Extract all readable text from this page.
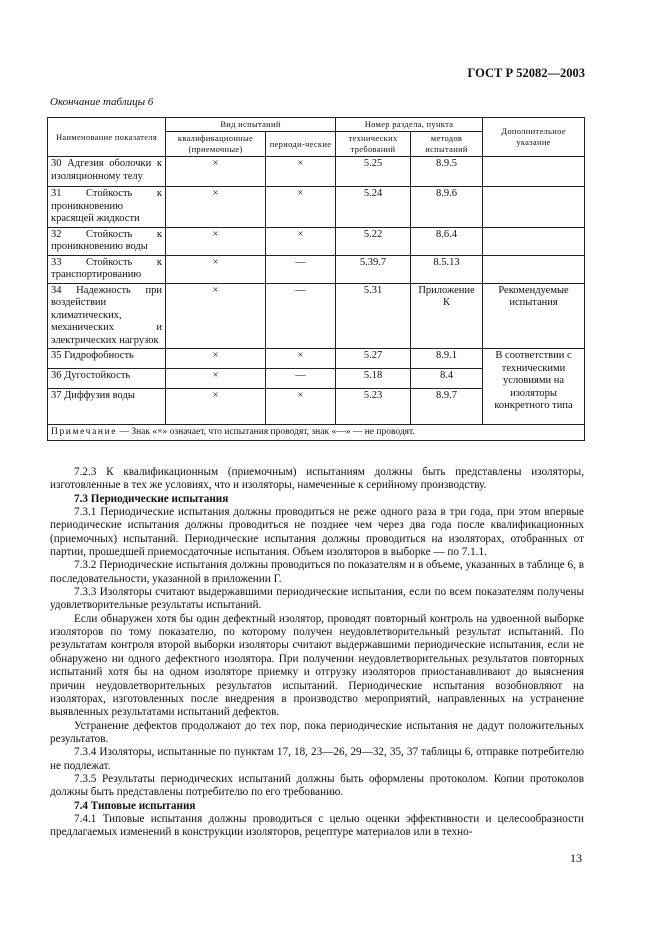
ГОСТ Р 52082—2003
Окончание таблицы 6
Наименование показателя	Вид испытаний		Номер раздела, пункта		Дополнительное указание
	квалификационные (приемочные)	периоди-ческие	технических требований	методов испытаний	
30 Адгезия оболочки к изоляционному телу	×	×	5.25	8.9.5	
31 Стойкость к проникновению красящей жидкости	×	×	5.24	8.9.6	
32 Стойкость к проникновению воды	×	×	5.22	8.6.4	
33 Стойкость к транспортированию	×	—	5.39.7	8.5.13	
34 Надежность при воздействии климатических, механических и электрических нагрузок	×	—	5.31	Приложение К	Рекомендуемые испытания
35 Гидрофобность	×	×	5.27	8.9.1	В соответствии с техническими условиями на изоляторы конкретного типа
36 Дугостойкость	×	—	5.18	8.4	
37 Диффузия воды	×	×	5.23	8.9.7	
Примечание — Знак «×» означает, что испытания проводят, знак «—» — не проводят.					

7.2.3 К квалификационным (приемочным) испытаниям должны быть представлены изоляторы, изготовленные в тех же условиях, что и изоляторы, намеченные к серийному производству.

7.3 Периодические испытания

7.3.1 Периодические испытания должны проводиться не реже одного раза в три года, при этом впервые периодические испытания должны проводиться не позднее чем через два года после квалификационных (приемочных) испытаний. Периодические испытания должны проводиться на изоляторах, отобранных от партии, прошедшей приемосдаточные испытания. Объем изоляторов в выборке — по 7.1.1.

7.3.2 Периодические испытания должны проводиться по показателям и в объеме, указанных в таблице 6, в последовательности, указанной в приложении Г.

7.3.3 Изоляторы считают выдержавшими периодические испытания, если по всем показателям получены удовлетворительные результаты испытаний.

Если обнаружен хотя бы один дефектный изолятор, проводят повторный контроль на удвоенной выборке изоляторов по тому показателю, по которому получен неудовлетворительный результат испытаний. По результатам контроля второй выборки изоляторы считают выдержавшими периодические испытания, если не обнаружено ни одного дефектного изолятора. При получении неудовлетворительных результатов повторных испытаний хотя бы на одном изоляторе приемку и отгрузку изоляторов приостанавливают до выяснения причин неудовлетворительных результатов испытаний. Периодические испытания возобновляют на изоляторах, изготовленных после внедрения в производство мероприятий, направленных на устранение выявленных результатами испытаний дефектов.

Устранение дефектов продолжают до тех пор, пока периодические испытания не дадут положительных результатов.

7.3.4 Изоляторы, испытанные по пунктам 17, 18, 23—26, 29—32, 35, 37 таблицы 6, отправке потребителю не подлежат.

7.3.5 Результаты периодических испытаний должны быть оформлены протоколом. Копии протоколов должны быть представлены потребителю по его требованию.

7.4 Типовые испытания

7.4.1 Типовые испытания должны проводиться с целью оценки эффективности и целесообразности предлагаемых изменений в конструкции изоляторов, рецептуре материалов или в техно-

13
